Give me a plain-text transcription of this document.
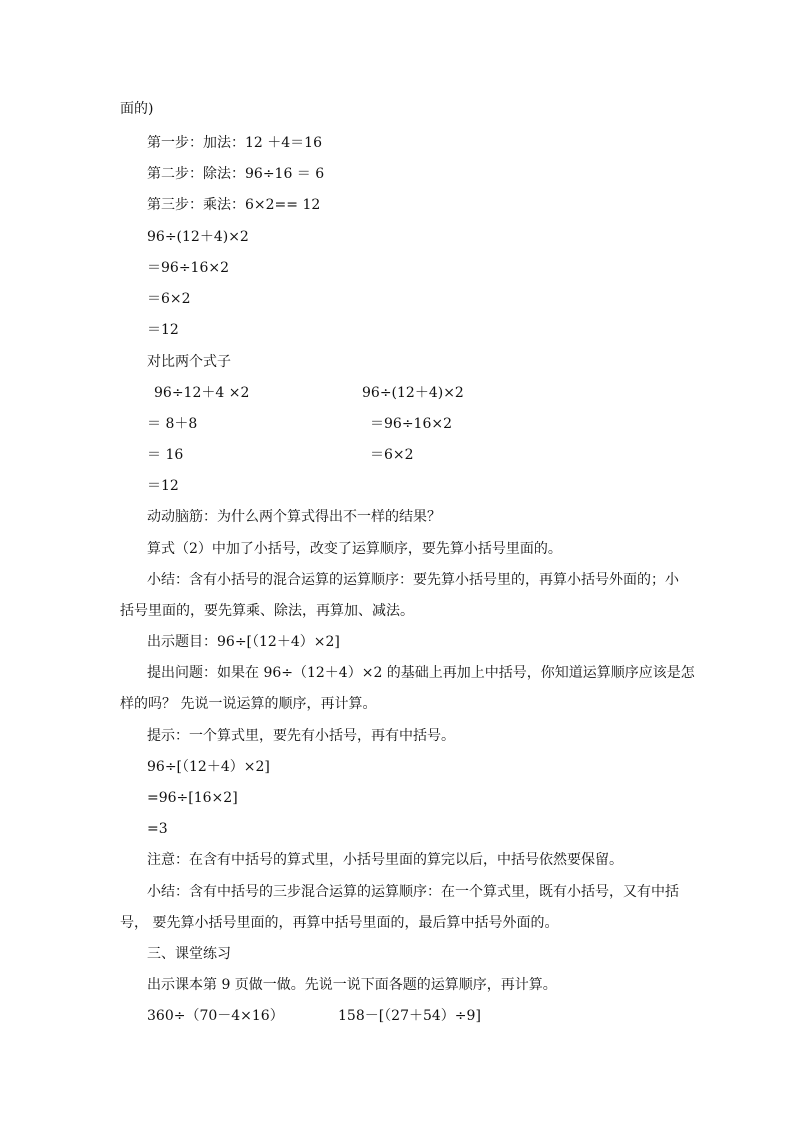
96÷12＋4 ×2
＝ 8＋8
＝ 16
96÷(12＋4)×2
＝96÷16×2
＝6×2
360÷（70－4×16）	158－[（27＋54）÷9]
面的)
第一步：加法：12 ＋4＝16
第二步：除法：96÷16 ＝ 6
第三步：乘法：6×2== 12
96÷(12＋4)×2
＝96÷16×2
＝6×2
＝12
对比两个式子
＝12
动动脑筋：为什么两个算式得出不一样的结果？
算式（2）中加了小括号，改变了运算顺序，要先算小括号里面的。
小结：含有小括号的混合运算的运算顺序：要先算小括号里的，再算小括号外面的；小
括号里面的，要先算乘、除法，再算加、减法。
出示题目：96÷[（12＋4）×2]
提出问题：如果在 96÷（12＋4）×2 的基础上再加上中括号，你知道运算顺序应该是怎
样的吗？ 先说一说运算的顺序，再计算。
提示：一个算式里，要先有小括号，再有中括号。
96÷[（12＋4）×2]
=96÷[16×2]
=3
注意：在含有中括号的算式里，小括号里面的算完以后，中括号依然要保留。
小结：含有中括号的三步混合运算的运算顺序：在一个算式里，既有小括号，又有中括
号， 要先算小括号里面的，再算中括号里面的，最后算中括号外面的。
三、课堂练习
出示课本第 9 页做一做。先说一说下面各题的运算顺序，再计算。
